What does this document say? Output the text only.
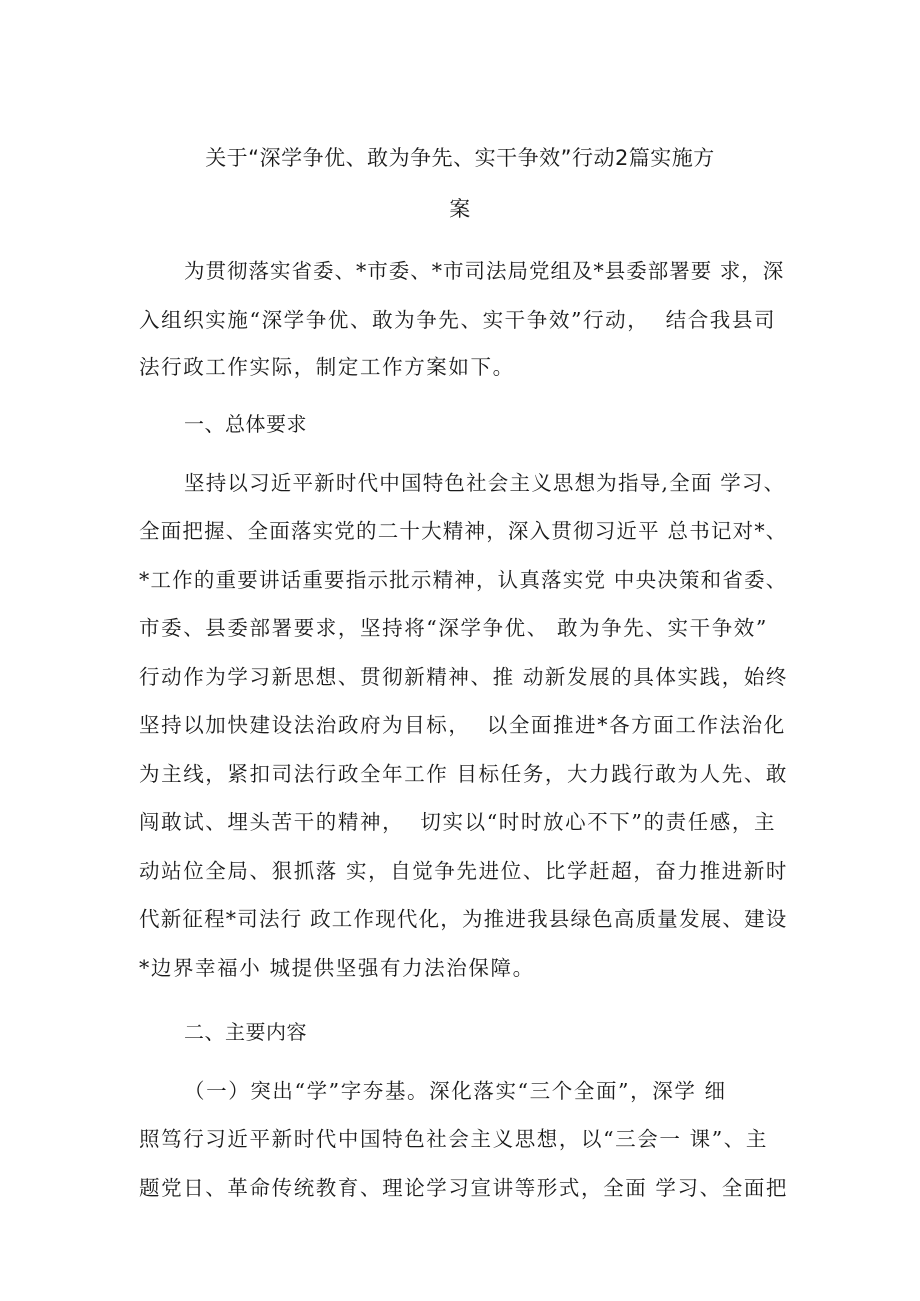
关于“深学争优、敢为争先、实干争效”行动2篇实施方
案
为贯彻落实省委、*市委、*市司法局党组及*县委部署要 求，深
入组织实施“深学争优、敢为争先、实干争效”行动，  结合我县司
法行政工作实际，制定工作方案如下。
一、总体要求
坚持以习近平新时代中国特色社会主义思想为指导,全面 学习、
全面把握、全面落实党的二十大精神，深入贯彻习近平 总书记对*、
*工作的重要讲话重要指示批示精神，认真落实党 中央决策和省委、
市委、县委部署要求，坚持将“深学争优、 敢为争先、实干争效”
行动作为学习新思想、贯彻新精神、推 动新发展的具体实践，始终
坚持以加快建设法治政府为目标，  以全面推进*各方面工作法治化
为主线，紧扣司法行政全年工作 目标任务，大力践行敢为人先、敢
闯敢试、埋头苦干的精神，  切实以“时时放心不下”的责任感，主
动站位全局、狠抓落 实，自觉争先进位、比学赶超，奋力推进新时
代新征程*司法行 政工作现代化，为推进我县绿色高质量发展、建设
*边界幸福小 城提供坚强有力法治保障。
二、主要内容
（一）突出“学”字夯基。深化落实“三个全面”，深学 细
照笃行习近平新时代中国特色社会主义思想，以“三会一 课”、主
题党日、革命传统教育、理论学习宣讲等形式，全面 学习、全面把
